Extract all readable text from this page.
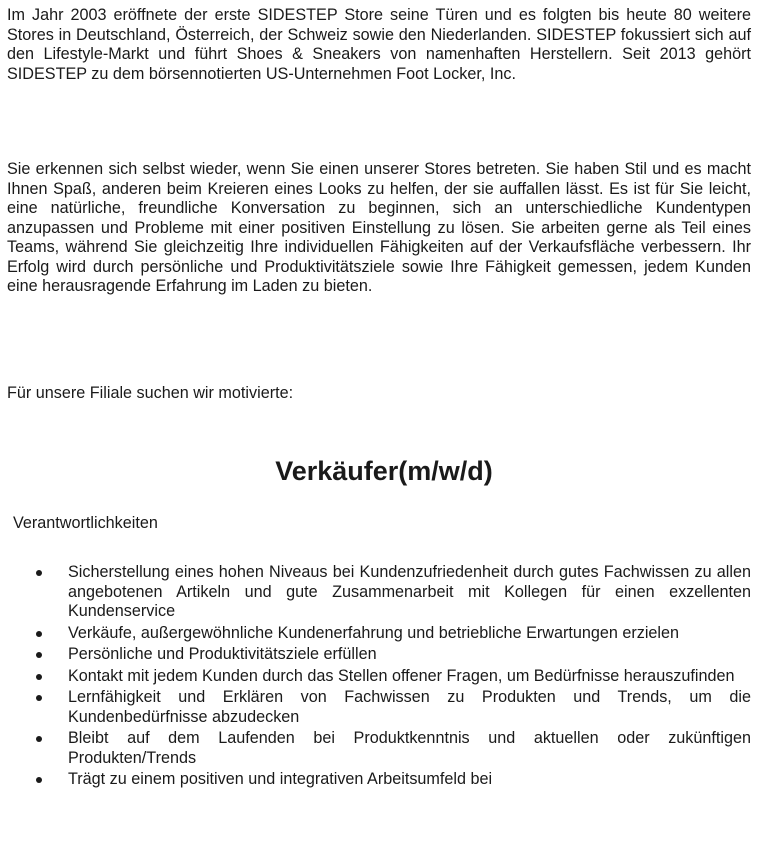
Im Jahr 2003 eröffnete der erste SIDESTEP Store seine Türen und es folgten bis heute 80 weitere Stores in Deutschland, Österreich, der Schweiz sowie den Niederlanden. SIDESTEP fokussiert sich auf den Lifestyle-Markt und führt Shoes & Sneakers von namenhaften Herstellern. Seit 2013 gehört SIDESTEP zu dem börsennotierten US-Unternehmen Foot Locker, Inc.

Sie erkennen sich selbst wieder, wenn Sie einen unserer Stores betreten. Sie haben Stil und es macht Ihnen Spaß, anderen beim Kreieren eines Looks zu helfen, der sie auffallen lässt. Es ist für Sie leicht, eine natürliche, freundliche Konversation zu beginnen, sich an unterschiedliche Kundentypen anzupassen und Probleme mit einer positiven Einstellung zu lösen. Sie arbeiten gerne als Teil eines Teams, während Sie gleichzeitig Ihre individuellen Fähigkeiten auf der Verkaufsfläche verbessern. Ihr Erfolg wird durch persönliche und Produktivitätsziele sowie Ihre Fähigkeit gemessen, jedem Kunden eine herausragende Erfahrung im Laden zu bieten.

Für unsere Filiale suchen wir motivierte:

Verkäufer(m/w/d)

Verantwortlichkeiten

Sicherstellung eines hohen Niveaus bei Kundenzufriedenheit durch gutes Fachwissen zu allen angebotenen Artikeln und gute Zusammenarbeit mit Kollegen für einen exzellenten Kundenservice
Verkäufe, außergewöhnliche Kundenerfahrung und betriebliche Erwartungen erzielen
Persönliche und Produktivitätsziele erfüllen
Kontakt mit jedem Kunden durch das Stellen offener Fragen, um Bedürfnisse herauszufinden
Lernfähigkeit und Erklären von Fachwissen zu Produkten und Trends, um die Kundenbedürfnisse abzudecken
Bleibt auf dem Laufenden bei Produktkenntnis und aktuellen oder zukünftigen Produkten/Trends
Trägt zu einem positiven und integrativen Arbeitsumfeld bei
